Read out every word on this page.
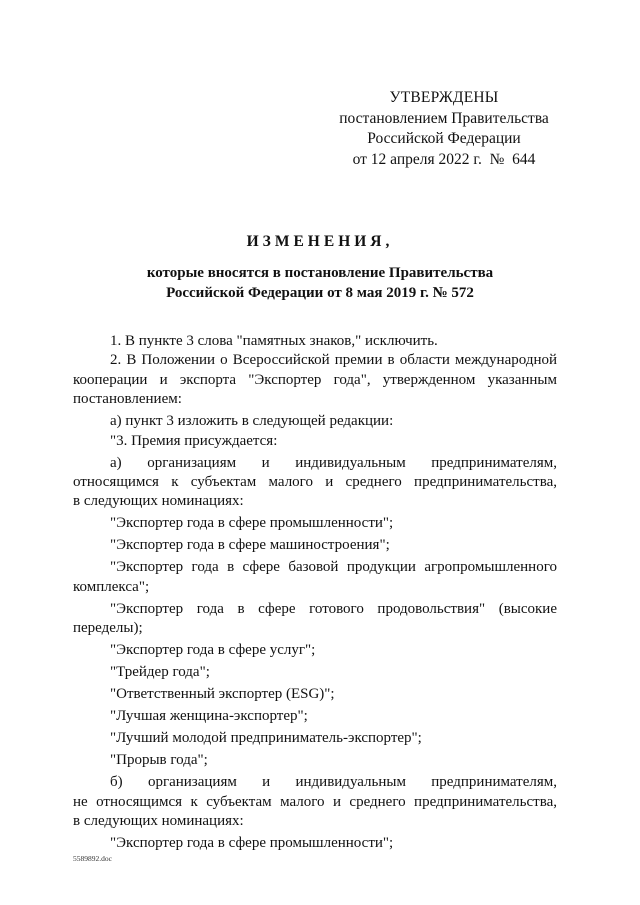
УТВЕРЖДЕНЫ
постановлением Правительства
Российской Федерации
от 12 апреля 2022 г.  №  644
ИЗМЕНЕНИЯ,
которые вносятся в постановление Правительства
Российской Федерации от 8 мая 2019 г. № 572

1. В пункте 3 слова "памятных знаков," исключить.

2. В Положении о Всероссийской премии в области международной кооперации и экспорта "Экспортер года", утвержденном указанным постановлением:

а) пункт 3 изложить в следующей редакции:

"3. Премия присуждается:

а) организациям и индивидуальным предпринимателям,

относящимся к субъектам малого и среднего предпринимательства,

в следующих номинациях:

"Экспортер года в сфере промышленности";

"Экспортер года в сфере машиностроения";

"Экспортер года в сфере базовой продукции агропромышленного комплекса";

"Экспортер года в сфере готового продовольствия" (высокие переделы);

"Экспортер года в сфере услуг";

"Трейдер года";

"Ответственный экспортер (ESG)";

"Лучшая женщина-экспортер";

"Лучший молодой предприниматель-экспортер";

"Прорыв года";

б) организациям и индивидуальным предпринимателям,

не относящимся к субъектам малого и среднего предпринимательства,

в следующих номинациях:

"Экспортер года в сфере промышленности";

5589892.doc
